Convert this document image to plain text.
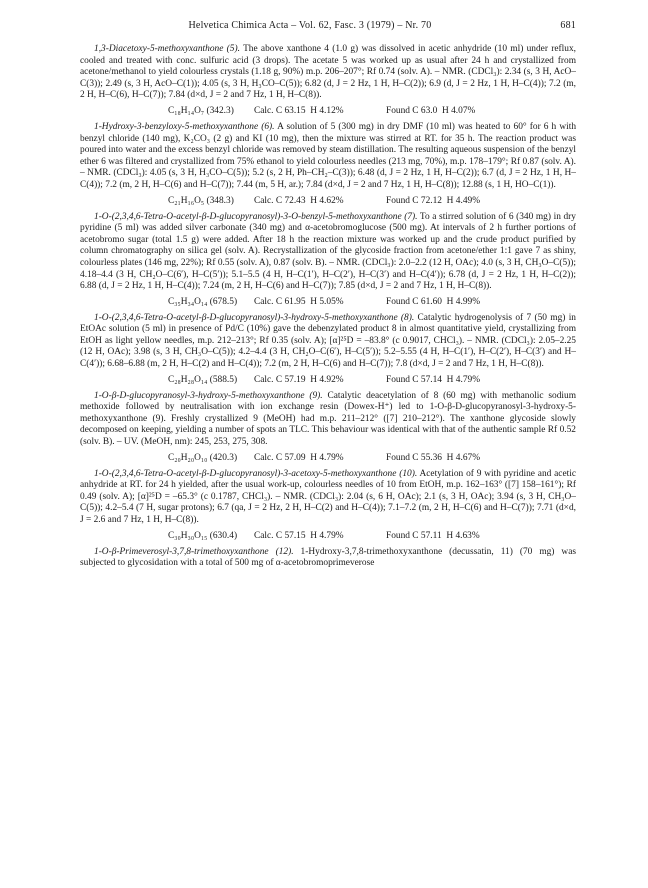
Helvetica Chimica Acta – Vol. 62, Fasc. 3 (1979) – Nr. 70	681

1,3-Diacetoxy-5-methoxyxanthone (5). The above xanthone 4 (1.0 g) was dissolved in acetic anhydride (10 ml) under reflux, cooled and treated with conc. sulfuric acid (3 drops). The acetate 5 was worked up as usual after 24 h and crystallized from acetone/methanol to yield colourless crystals (1.18 g, 90%) m.p. 206–207°; Rf 0.74 (solv. A). – NMR. (CDCl₃): 2.34 (s, 3 H, AcO–C(3)); 2.49 (s, 3 H, AcO–C(1)); 4.05 (s, 3 H, H₃CO–C(5)); 6.82 (d, J = 2 Hz, 1 H, H–C(2)); 6.9 (d, J = 2 Hz, 1 H, H–C(4)); 7.2 (m, 2 H, H–C(6), H–C(7)); 7.84 (d×d, J = 2 and 7 Hz, 1 H, H–C(8)).

C₁₈H₁₄O₇ (342.3) Calc. C 63.15  H 4.12%	Found C 63.0  H 4.07%

1-Hydroxy-3-benzyloxy-5-methoxyxanthone (6). A solution of 5 (300 mg) in dry DMF (10 ml) was heated to 60° for 6 h with benzyl chloride (140 mg), K₂CO₃ (2 g) and KI (10 mg), then the mixture was stirred at RT. for 35 h. The reaction product was poured into water and the excess benzyl chloride was removed by steam distillation. The resulting aqueous suspension of the benzyl ether 6 was filtered and crystallized from 75% ethanol to yield colourless needles (213 mg, 70%), m.p. 178–179°; Rf 0.87 (solv. A). – NMR. (CDCl₃): 4.05 (s, 3 H, H₃CO–C(5)); 5.2 (s, 2 H, Ph–CH₂–C(3)); 6.48 (d, J = 2 Hz, 1 H, H–C(2)); 6.7 (d, J = 2 Hz, 1 H, H–C(4)); 7.2 (m, 2 H, H–C(6) and H–C(7)); 7.44 (m, 5 H, ar.); 7.84 (d×d, J = 2 and 7 Hz, 1 H, H–C(8)); 12.88 (s, 1 H, HO–C(1)).

C₂₁H₁₆O₅ (348.3) Calc. C 72.43  H 4.62%	Found C 72.12  H 4.49%

1-O-(2,3,4,6-Tetra-O-acetyl-β-D-glucopyranosyl)-3-O-benzyl-5-methoxyxanthone (7). To a stirred solution of 6 (340 mg) in dry pyridine (5 ml) was added silver carbonate (340 mg) and α-acetobromoglucose (500 mg). At intervals of 2 h further portions of acetobromo sugar (total 1.5 g) were added. After 18 h the reaction mixture was worked up and the crude product purified by column chromatography on silica gel (solv. A). Recrystallization of the glycoside fraction from acetone/ether 1:1 gave 7 as shiny, colourless plates (146 mg, 22%); Rf 0.55 (solv. A), 0.87 (solv. B). – NMR. (CDCl₃): 2.0–2.2 (12 H, OAc); 4.0 (s, 3 H, CH₃O–C(5)); 4.18–4.4 (3 H, CH₂O–C(6′), H–C(5′)); 5.1–5.5 (4 H, H–C(1′), H–C(2′), H–C(3′) and H–C(4′)); 6.78 (d, J = 2 Hz, 1 H, H–C(2)); 6.88 (d, J = 2 Hz, 1 H, H–C(4)); 7.24 (m, 2 H, H–C(6) and H–C(7)); 7.85 (d×d, J = 2 and 7 Hz, 1 H, H–C(8)).

C₃₅H₃₄O₁₄ (678.5) Calc. C 61.95  H 5.05%	Found C 61.60  H 4.99%

1-O-(2,3,4,6-Tetra-O-acetyl-β-D-glucopyranosyl)-3-hydroxy-5-methoxyxanthone (8). Catalytic hydrogenolysis of 7 (50 mg) in EtOAc solution (5 ml) in presence of Pd/C (10%) gave the debenzylated product 8 in almost quantitative yield, crystallizing from EtOH as light yellow needles, m.p. 212–213°; Rf 0.35 (solv. A); [α]²⁵D = –83.8° (c 0.9017, CHCl₃). – NMR. (CDCl₃): 2.05–2.25 (12 H, OAc); 3.98 (s, 3 H, CH₃O–C(5)); 4.2–4.4 (3 H, CH₂O–C(6′), H–C(5′)); 5.2–5.55 (4 H, H–C(1′), H–C(2′), H–C(3′) and H–C(4′)); 6.68–6.88 (m, 2 H, H–C(2) and H–C(4)); 7.2 (m, 2 H, H–C(6) and H–C(7)); 7.8 (d×d, J = 2 and 7 Hz, 1 H, H–C(8)).

C₂₈H₂₈O₁₄ (588.5) Calc. C 57.19  H 4.92%	Found C 57.14  H 4.79%

1-O-β-D-glucopyranosyl-3-hydroxy-5-methoxyxanthone (9). Catalytic deacetylation of 8 (60 mg) with methanolic sodium methoxide followed by neutralisation with ion exchange resin (Dowex-H⁺) led to 1-O-β-D-glucopyranosyl-3-hydroxy-5-methoxyxanthone (9). Freshly crystallized 9 (MeOH) had m.p. 211–212° ([7] 210–212°). The xanthone glycoside slowly decomposed on keeping, yielding a number of spots an TLC. This behaviour was identical with that of the authentic sample Rf 0.52 (solv. B). – UV. (MeOH, nm): 245, 253, 275, 308.

C₂₀H₂₀O₁₀ (420.3) Calc. C 57.09  H 4.79%	Found C 55.36  H 4.67%

1-O-(2,3,4,6-Tetra-O-acetyl-β-D-glucopyranosyl)-3-acetoxy-5-methoxyxanthone (10). Acetylation of 9 with pyridine and acetic anhydride at RT. for 24 h yielded, after the usual work-up, colourless needles of 10 from EtOH, m.p. 162–163° ([7] 158–161°); Rf 0.49 (solv. A); [α]²⁵D = –65.3° (c 0.1787, CHCl₃). – NMR. (CDCl₃): 2.04 (s, 6 H, OAc); 2.1 (s, 3 H, OAc); 3.94 (s, 3 H, CH₃O–C(5)); 4.2–5.4 (7 H, sugar protons); 6.7 (qa, J = 2 Hz, 2 H, H–C(2) and H–C(4)); 7.1–7.2 (m, 2 H, H–C(6) and H–C(7)); 7.71 (d×d, J = 2.6 and 7 Hz, 1 H, H–C(8)).

C₃₀H₃₀O₁₅ (630.4) Calc. C 57.15  H 4.79%	Found C 57.11  H 4.63%

1-O-β-Primeverosyl-3,7,8-trimethoxyxanthone (12). 1-Hydroxy-3,7,8-trimethoxyxanthone (decussatin, 11) (70 mg) was subjected to glycosidation with a total of 500 mg of α-acetobromoprimeverose
